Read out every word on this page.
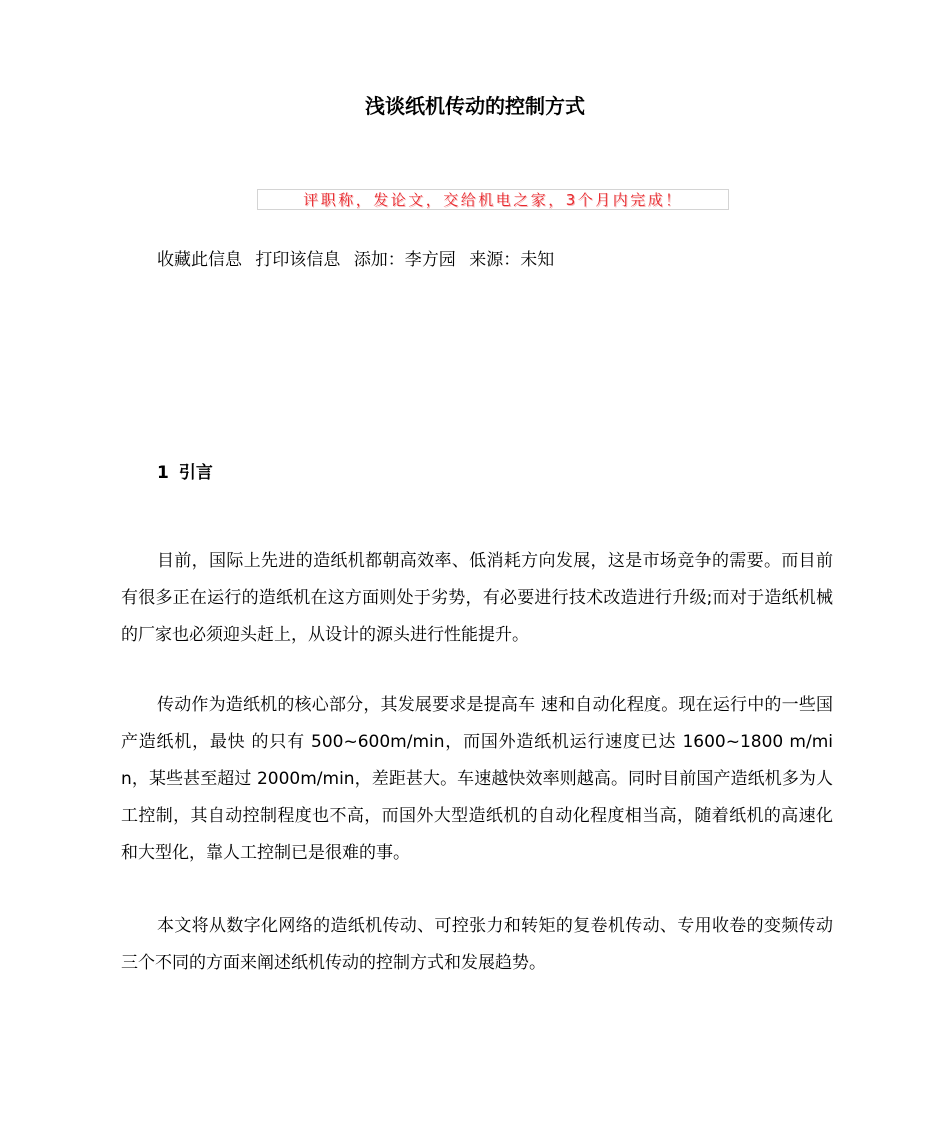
浅谈纸机传动的控制方式
评职称，发论文，交给机电之家，3个月内完成！
收藏此信息 打印该信息 添加：李方园 来源：未知
1 引言

目前，国际上先进的造纸机都朝高效率、低消耗方向发展，这是市场竞争的需要。而目前有很多正在运行的造纸机在这方面则处于劣势，有必要进行技术改造进行升级;而对于造纸机械的厂家也必须迎头赶上，从设计的源头进行性能提升。

传动作为造纸机的核心部分，其发展要求是提高车 速和自动化程度。现在运行中的一些国产造纸机，最快 的只有 500~600m/min，而国外造纸机运行速度已达 1600~1800 m/min，某些甚至超过 2000m/min，差距甚大。车速越快效率则越高。同时目前国产造纸机多为人工控制，其自动控制程度也不高，而国外大型造纸机的自动化程度相当高，随着纸机的高速化和大型化，靠人工控制已是很难的事。

本文将从数字化网络的造纸机传动、可控张力和转矩的复卷机传动、专用收卷的变频传动三个不同的方面来阐述纸机传动的控制方式和发展趋势。
